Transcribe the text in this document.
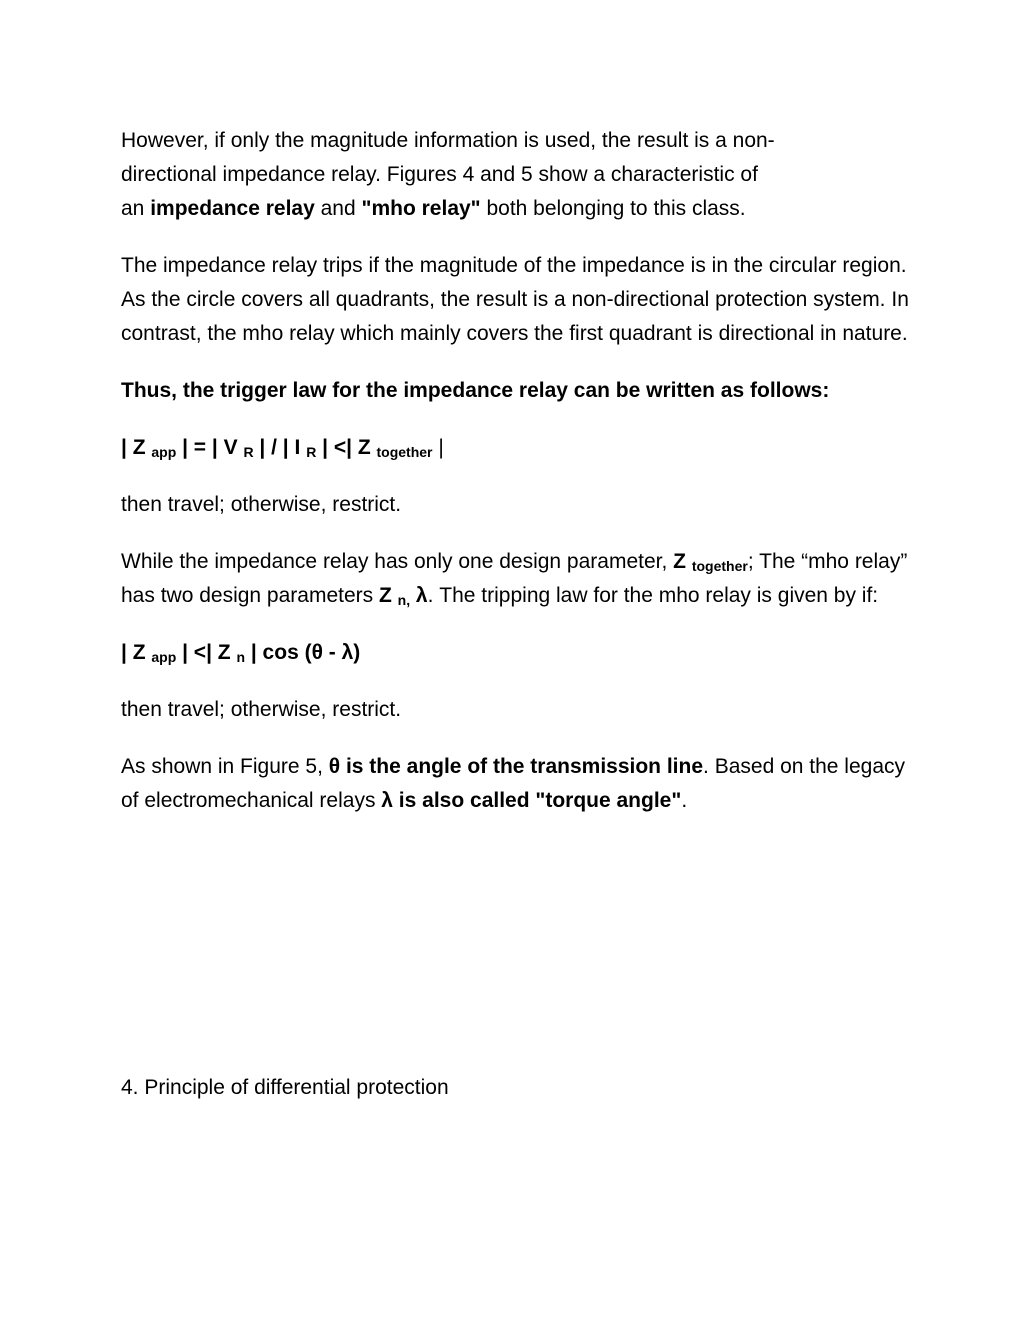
However, if only the magnitude information is used, the result is a non-
directional impedance relay. Figures 4 and 5 show a characteristic of
an impedance relay and "mho relay" both belonging to this class.

The impedance relay trips if the magnitude of the impedance is in the circular region. As the circle covers all quadrants, the result is a non-directional protection system. In contrast, the mho relay which mainly covers the first quadrant is directional in nature.

Thus, the trigger law for the impedance relay can be written as follows:

| Z $_{app}$ | = | V $_R$ | / | I $_R$ | <| Z $_{together}$ |

then travel; otherwise, restrict.

While the impedance relay has only one design parameter, Z $_{together}$; The “mho relay” has two design parameters Z $_{n,}$ λ. The tripping law for the mho relay is given by if:

| Z $_{app}$ | <| Z $_n$ | cos (θ - λ)

then travel; otherwise, restrict.

As shown in Figure 5, θ is the angle of the transmission line. Based on the legacy of electromechanical relays λ is also called "torque angle".

4. Principle of differential protection
